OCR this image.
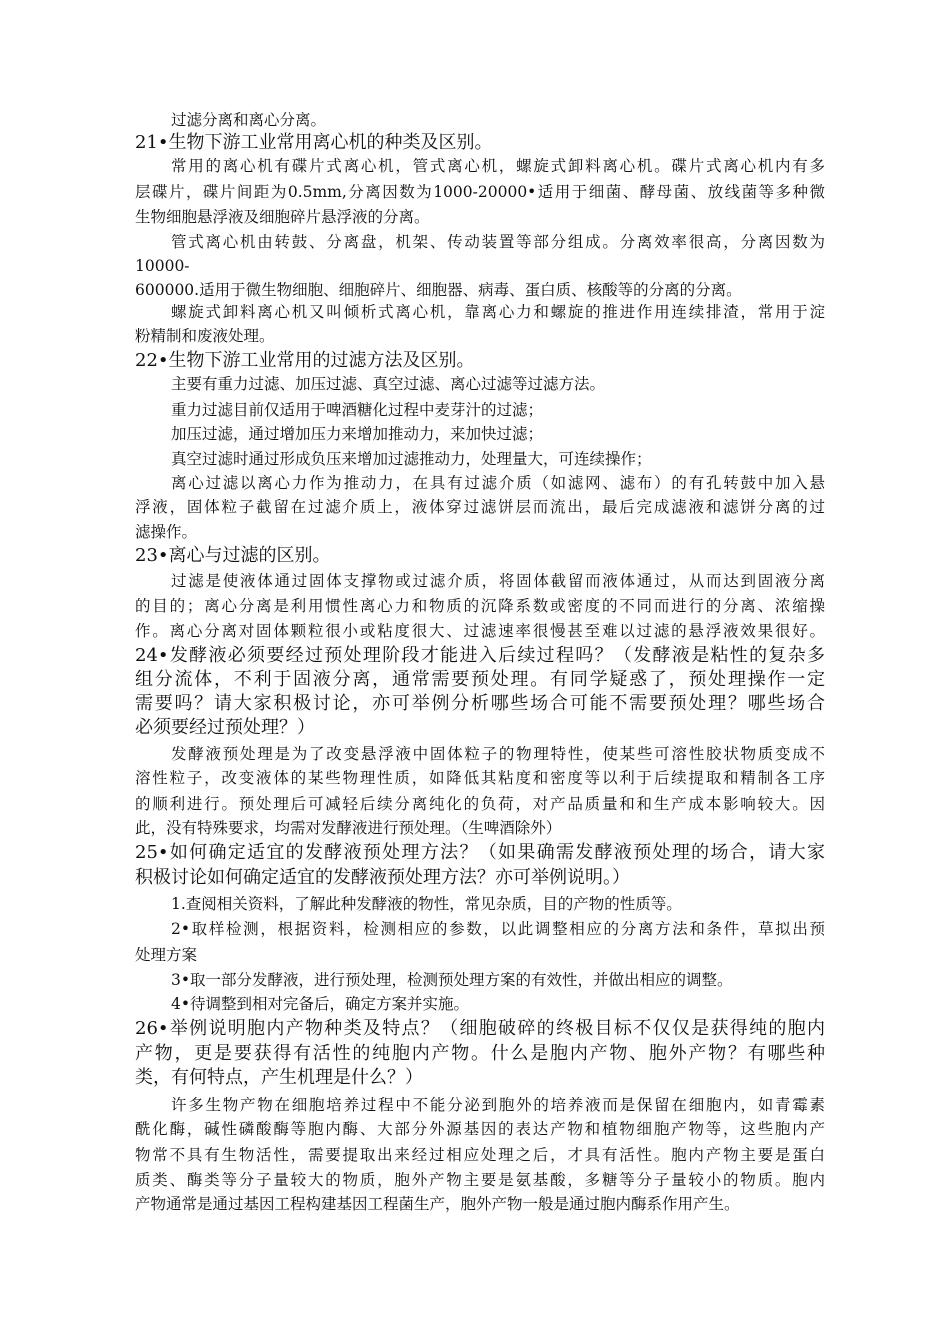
过滤分离和离心分离。
21•生物下游工业常用离心机的种类及区别。
常用的离心机有碟片式离心机，管式离心机，螺旋式卸料离心机。碟片式离心机内有多
层碟片，碟片间距为0.5mm,分离因数为1000-20000•适用于细菌、酵母菌、放线菌等多种微
生物细胞悬浮液及细胞碎片悬浮液的分离。
管式离心机由转鼓、分离盘，机架、传动装置等部分组成。分离效率很高，分离因数为
10000-
600000.适用于微生物细胞、细胞碎片、细胞器、病毒、蛋白质、核酸等的分离的分离。
螺旋式卸料离心机又叫倾析式离心机，靠离心力和螺旋的推进作用连续排渣，常用于淀
粉精制和废液处理。
22•生物下游工业常用的过滤方法及区别。
主要有重力过滤、加压过滤、真空过滤、离心过滤等过滤方法。
重力过滤目前仅适用于啤酒糖化过程中麦芽汁的过滤；
加压过滤，通过增加压力来增加推动力，来加快过滤；
真空过滤时通过形成负压来增加过滤推动力，处理量大，可连续操作；
离心过滤以离心力作为推动力，在具有过滤介质（如滤网、滤布）的有孔转鼓中加入悬
浮液，固体粒子截留在过滤介质上，液体穿过滤饼层而流出，最后完成滤液和滤饼分离的过
滤操作。
23•离心与过滤的区别。
过滤是使液体通过固体支撑物或过滤介质，将固体截留而液体通过，从而达到固液分离
的目的；离心分离是利用惯性离心力和物质的沉降系数或密度的不同而进行的分离、浓缩操
作。离心分离对固体颗粒很小或粘度很大、过滤速率很慢甚至难以过滤的悬浮液效果很好。
24•发酵液必须要经过预处理阶段才能进入后续过程吗？（发酵液是粘性的复杂多
组分流体，不利于固液分离，通常需要预处理。有同学疑惑了，预处理操作一定
需要吗？请大家积极讨论，亦可举例分析哪些场合可能不需要预处理？哪些场合
必须要经过预处理？）
发酵液预处理是为了改变悬浮液中固体粒子的物理特性，使某些可溶性胶状物质变成不
溶性粒子，改变液体的某些物理性质，如降低其粘度和密度等以利于后续提取和精制各工序
的顺利进行。预处理后可减轻后续分离纯化的负荷，对产品质量和和生产成本影响较大。因
此，没有特殊要求，均需对发酵液进行预处理。（生啤酒除外）
25•如何确定适宜的发酵液预处理方法？（如果确需发酵液预处理的场合，请大家
积极讨论如何确定适宜的发酵液预处理方法？亦可举例说明。）
1.查阅相关资料，了解此种发酵液的物性，常见杂质，目的产物的性质等。
2•取样检测，根据资料，检测相应的参数，以此调整相应的分离方法和条件，草拟出预
处理方案
3•取一部分发酵液，进行预处理，检测预处理方案的有效性，并做出相应的调整。
4•待调整到相对完备后，确定方案并实施。
26•举例说明胞内产物种类及特点？（细胞破碎的终极目标不仅仅是获得纯的胞内
产物，更是要获得有活性的纯胞内产物。什么是胞内产物、胞外产物？有哪些种
类，有何特点，产生机理是什么？）
许多生物产物在细胞培养过程中不能分泌到胞外的培养液而是保留在细胞内，如青霉素
酰化酶，碱性磷酸酶等胞内酶、大部分外源基因的表达产物和植物细胞产物等，这些胞内产
物常不具有生物活性，需要提取出来经过相应处理之后，才具有活性。胞内产物主要是蛋白
质类、酶类等分子量较大的物质，胞外产物主要是氨基酸，多糖等分子量较小的物质。胞内
产物通常是通过基因工程构建基因工程菌生产，胞外产物一般是通过胞内酶系作用产生。
